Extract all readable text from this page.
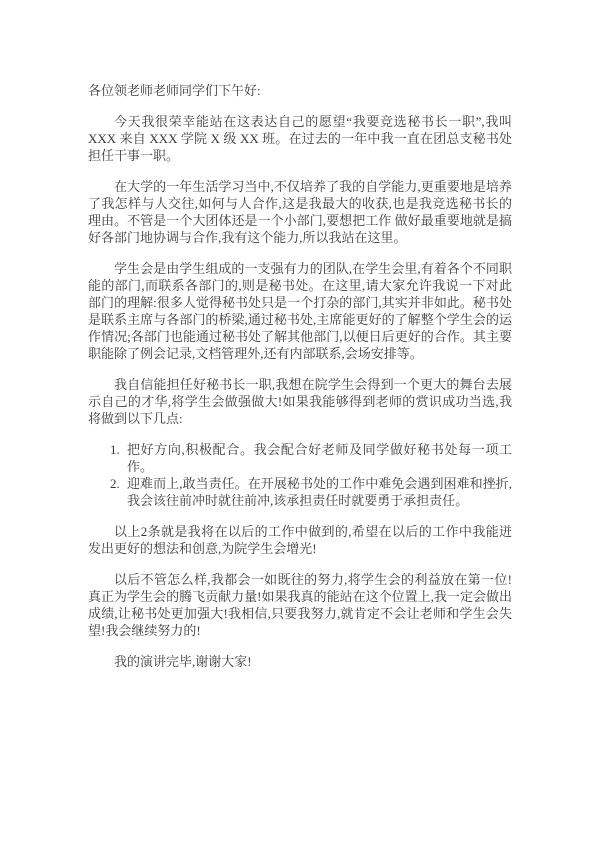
各位领老师老师同学们下午好:

今天我很荣幸能站在这表达自己的愿望“我要竞选秘书长一职”,我叫XXX 来自 XXX 学院 X 级 XX 班。在过去的一年中我一直在团总支秘书处担任干事一职。

在大学的一年生活学习当中,不仅培养了我的自学能力,更重要地是培养了我怎样与人交往,如何与人合作,这是我最大的收获,也是我竞选秘书长的理由。不管是一个大团体还是一个小部门,要想把工作 做好最重要地就是搞好各部门地协调与合作,我有这个能力,所以我站在这里。

学生会是由学生组成的一支强有力的团队,在学生会里,有着各个不同职能的部门,而联系各部门的,则是秘书处。在这里,请大家允许我说一下对此部门的理解:很多人觉得秘书处只是一个打杂的部门,其实并非如此。秘书处是联系主席与各部门的桥梁,通过秘书处,主席能更好的了解整个学生会的运作情况;各部门也能通过秘书处了解其他部门,以便日后更好的合作。其主要职能除了例会记录,文档管理外,还有内部联系,会场安排等。

我自信能担任好秘书长一职,我想在院学生会得到一个更大的舞台去展示自己的才华,将学生会做强做大!如果我能够得到老师的赏识成功当选,我将做到以下几点:

1. 把好方向,积极配合。我会配合好老师及同学做好秘书处每一项工作。
2. 迎难而上,敢当责任。在开展秘书处的工作中难免会遇到困难和挫折,我会该往前冲时就往前冲,该承担责任时就要勇于承担责任。

以上2条就是我将在以后的工作中做到的,希望在以后的工作中我能迸发出更好的想法和创意,为院学生会增光!

以后不管怎么样,我都会一如既往的努力,将学生会的利益放在第一位!真正为学生会的腾飞贡献力量!如果我真的能站在这个位置上,我一定会做出成绩,让秘书处更加强大!我相信,只要我努力,就肯定不会让老师和学生会失望!我会继续努力的!

我的演讲完毕,谢谢大家!
